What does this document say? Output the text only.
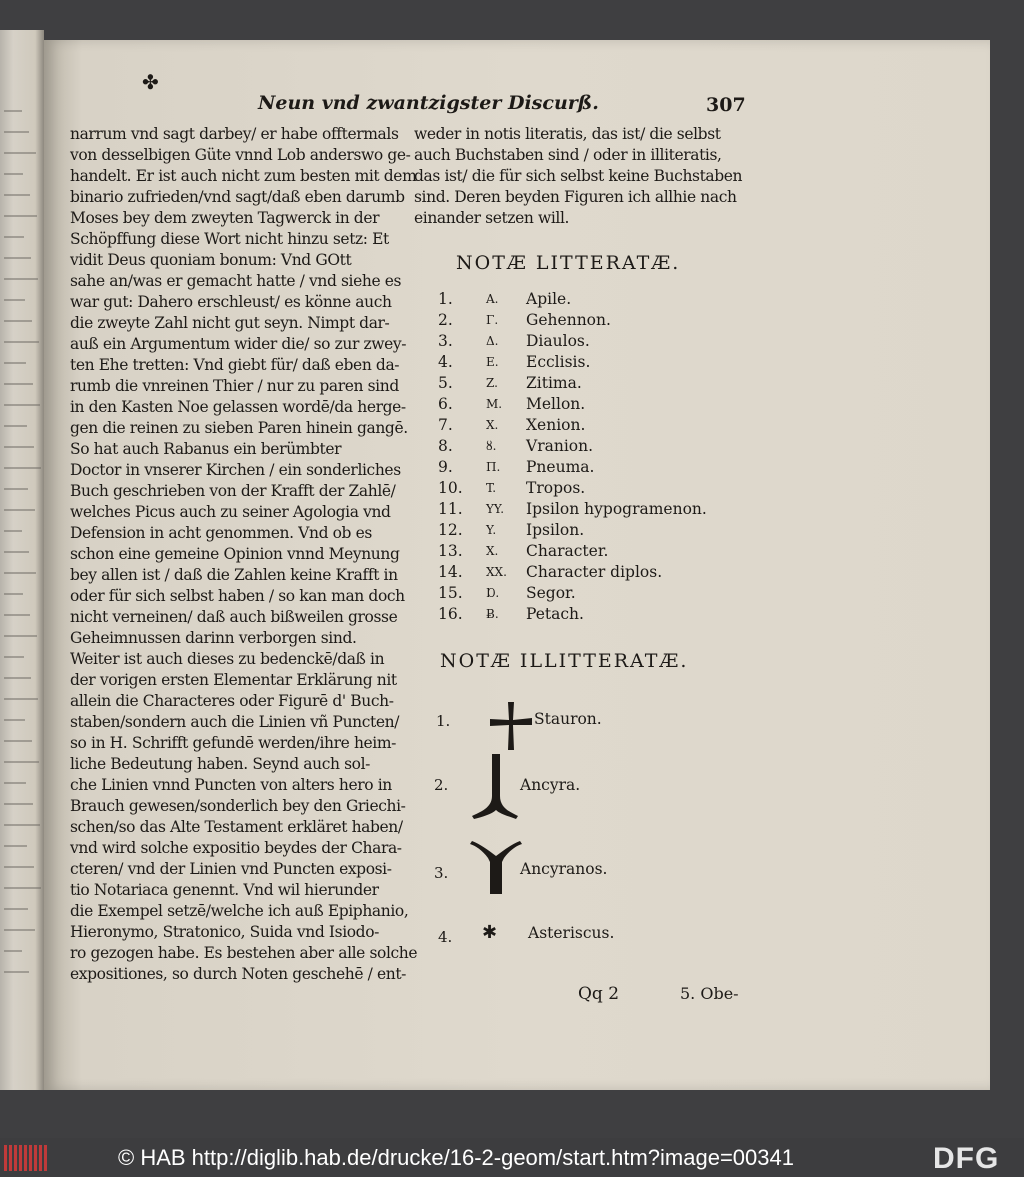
✤
Neun vnd zwantzigster Discurß.	307
narrum vnd sagt darbey/ er habe offtermals
von desselbigen Güte vnnd Lob anderswo ge-
handelt. Er ist auch nicht zum besten mit dem
binario zufrieden/vnd sagt/daß eben darumb
Moses bey dem zweyten Tagwerck in der
Schöpffung diese Wort nicht hinzu setz: Et
vidit Deus quoniam bonum: Vnd GOtt
sahe an/was er gemacht hatte / vnd siehe es
war gut: Dahero erschleust/ es könne auch
die zweyte Zahl nicht gut seyn. Nimpt dar-
auß ein Argumentum wider die/ so zur zwey-
ten Ehe tretten: Vnd giebt für/ daß eben da-
rumb die vnreinen Thier / nur zu paren sind
in den Kasten Noe gelassen wordē/da herge-
gen die reinen zu sieben Paren hinein gangē.
So hat auch Rabanus ein berümbter
Doctor in vnserer Kirchen / ein sonderliches
Buch geschrieben von der Krafft der Zahlē/
welches Picus auch zu seiner Agologia vnd
Defension in acht genommen. Vnd ob es
schon eine gemeine Opinion vnnd Meynung
bey allen ist / daß die Zahlen keine Krafft in
oder für sich selbst haben / so kan man doch
nicht verneinen/ daß auch bißweilen grosse
Geheimnussen darinn verborgen sind.
Weiter ist auch dieses zu bedenckē/daß in
der vorigen ersten Elementar Erklärung nit
allein die Characteres oder Figurē d' Buch-
staben/sondern auch die Linien vñ Puncten/
so in H. Schrifft gefundē werden/ihre heim-
liche Bedeutung haben. Seynd auch sol-
che Linien vnnd Puncten von alters hero in
Brauch gewesen/sonderlich bey den Griechi-
schen/so das Alte Testament erkläret haben/
vnd wird solche expositio beydes der Chara-
cteren/ vnd der Linien vnd Puncten exposi-
tio Notariaca genennt. Vnd wil hierunder
die Exempel setzē/welche ich auß Epiphanio,
Hieronymo, Stratonico, Suida vnd Isiodo-
ro gezogen habe. Es bestehen aber alle solche
expositiones, so durch Noten geschehē / ent-
weder in notis literatis, das ist/ die selbst
auch Buchstaben sind / oder in illiteratis,
das ist/ die für sich selbst keine Buchstaben
sind. Deren beyden Figuren ich allhie nach
einander setzen will.
NOTÆ LITTERATÆ.
1.	A. Apile.
2.	Γ. Gehennon.
3.	Δ. Diaulos.
4.	E. Ecclisis.
5.	Z. Zitima.
6.	M. Mellon.
7.	X. Xenion.
8.	ȣ. Vranion.
9.	Π. Pneuma.
10. T. Tropos.
11. YY. Ipsilon hypogramenon.
12. Y. Ipsilon.
13. X. Character.
14. XX. Character diplos.
15. Ɒ. Segor.
16. Ƀ. Petach.
NOTÆ ILLITTERATÆ.
1.	Stauron.
2.	Ancyra.
3.	Ancyranos.
4. ✱ Asteriscus.
Qq 2	5. Obe-
© HAB http://diglib.hab.de/drucke/16-2-geom/start.htm?image=00341	DFG
